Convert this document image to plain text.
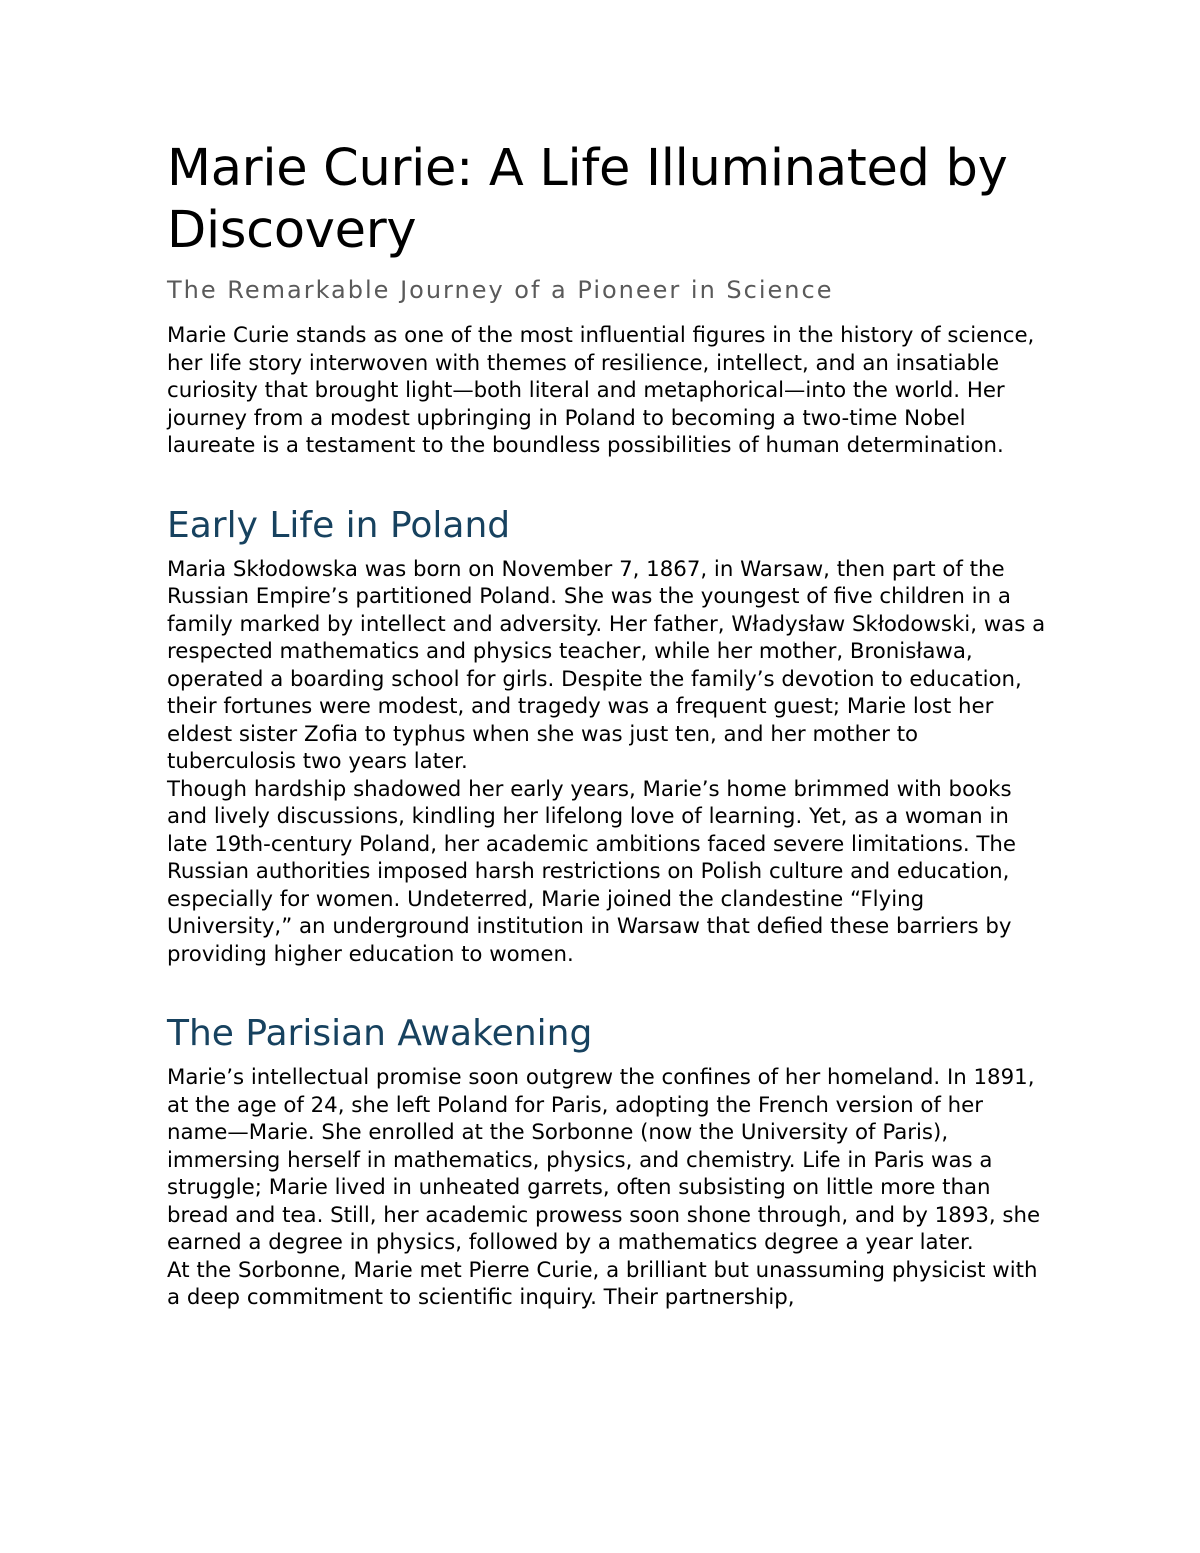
Marie Curie: A Life Illuminated by Discovery
The Remarkable Journey of a Pioneer in Science

Marie Curie stands as one of the most influential figures in the history of science, her life story interwoven with themes of resilience, intellect, and an insatiable curiosity that brought light—both literal and metaphorical—into the world. Her journey from a modest upbringing in Poland to becoming a two-time Nobel laureate is a testament to the boundless possibilities of human determination.

Early Life in Poland

Maria Skłodowska was born on November 7, 1867, in Warsaw, then part of the Russian Empire’s partitioned Poland. She was the youngest of five children in a family marked by intellect and adversity. Her father, Władysław Skłodowski, was a respected mathematics and physics teacher, while her mother, Bronisława, operated a boarding school for girls. Despite the family’s devotion to education, their fortunes were modest, and tragedy was a frequent guest; Marie lost her eldest sister Zofia to typhus when she was just ten, and her mother to tuberculosis two years later.

Though hardship shadowed her early years, Marie’s home brimmed with books and lively discussions, kindling her lifelong love of learning. Yet, as a woman in late 19th-century Poland, her academic ambitions faced severe limitations. The Russian authorities imposed harsh restrictions on Polish culture and education, especially for women. Undeterred, Marie joined the clandestine “Flying University,” an underground institution in Warsaw that defied these barriers by providing higher education to women.

The Parisian Awakening

Marie’s intellectual promise soon outgrew the confines of her homeland. In 1891, at the age of 24, she left Poland for Paris, adopting the French version of her name—Marie. She enrolled at the Sorbonne (now the University of Paris), immersing herself in mathematics, physics, and chemistry. Life in Paris was a struggle; Marie lived in unheated garrets, often subsisting on little more than bread and tea. Still, her academic prowess soon shone through, and by 1893, she earned a degree in physics, followed by a mathematics degree a year later.

At the Sorbonne, Marie met Pierre Curie, a brilliant but unassuming physicist with a deep commitment to scientific inquiry. Their partnership,
